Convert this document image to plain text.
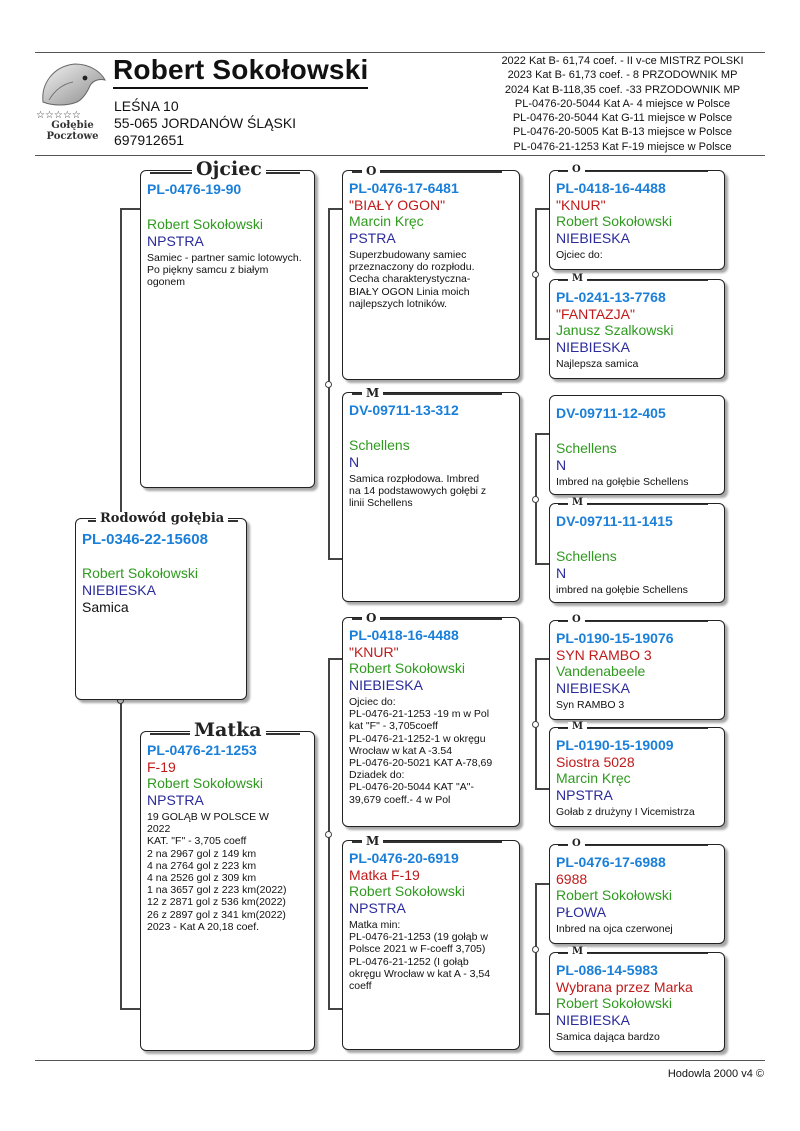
☆☆☆☆☆
Gołębie
Pocztowe
Robert Sokołowski
LEŚNA 10
55-065 JORDANÓW ŚLĄSKI
697912651
2022 Kat B- 61,74 coef. - II v-ce MISTRZ POLSKI
2023 Kat B- 61,73 coef. - 8 PRZODOWNIK MP
2024 Kat B-118,35 coef. -33 PRZODOWNIK MP
PL-0476-20-5044 Kat A- 4 miejsce w Polsce
PL-0476-20-5044 Kat G-11 miejsce w Polsce
PL-0476-20-5005 Kat B-13 miejsce w Polsce
PL-0476-21-1253 Kat F-19 miejsce w Polsce
PL-0346-22-15608
Robert Sokołowski
NIEBIESKA
Samica
Rodowód gołębia
PL-0476-19-90
Robert Sokołowski
NPSTRA
Samiec - partner samic lotowych. Po piękny samcu z białym ogonem
Ojciec
PL-0476-21-1253
F-19
Robert Sokołowski
NPSTRA
19 GOLĄB W POLSCE W
2022
KAT. "F" - 3,705 coeff
2 na 2967 gol z 149 km
4 na 2764 gol z 223 km
4 na 2526 gol z 309 km
1 na 3657 gol z 223 km(2022)
12 z 2871 gol z 536 km(2022)
26 z 2897 gol z 341 km(2022)
2023 - Kat A 20,18 coef.
Matka
PL-0476-17-6481
"BIAŁY OGON"
Marcin Kręc
PSTRA
Superzbudowany samiec
przeznaczony do rozpłodu.
Cecha charakterystyczna-
BIAŁY OGON Linia moich
najlepszych lotników.
O
DV-09711-13-312
Schellens
N
Samica rozpłodowa. Imbred
na 14 podstawowych gołębi z
linii Schellens
M
PL-0418-16-4488
"KNUR"
Robert Sokołowski
NIEBIESKA
Ojciec do:
PL-0476-21-1253 -19 m w Pol
kat "F" - 3,705coeff
PL-0476-21-1252-1 w okręgu
Wrocław w kat A -3.54
PL-0476-20-5021 KAT A-78,69
Dziadek do:
PL-0476-20-5044 KAT "A"-
39,679 coeff.- 4 w Pol
O
PL-0476-20-6919
Matka F-19
Robert Sokołowski
NPSTRA
Matka min:
PL-0476-21-1253 (19 gołąb w
Polsce 2021 w F-coeff 3,705)
PL-0476-21-1252 (I gołąb
okręgu Wrocław w kat A - 3,54
coeff
M
PL-0418-16-4488
"KNUR"
Robert Sokołowski
NIEBIESKA
Ojciec do:
O
PL-0241-13-7768
"FANTAZJA"
Janusz Szalkowski
NIEBIESKA
Najlepsza samica
M
DV-09711-12-405
Schellens
N
Imbred na gołębie Schellens
DV-09711-11-1415
Schellens
N
imbred na gołębie Schellens
M
PL-0190-15-19076
SYN RAMBO 3
Vandenabeele
NIEBIESKA
Syn RAMBO 3
O
PL-0190-15-19009
Siostra 5028
Marcin Kręc
NPSTRA
Gołab z drużyny I Vicemistrza
M
PL-0476-17-6988
6988
Robert Sokołowski
PŁOWA
Inbred na ojca czerwonej
O
PL-086-14-5983
Wybrana przez Marka
Robert Sokołowski
NIEBIESKA
Samica dająca bardzo
M
Hodowla 2000 v4 ©
